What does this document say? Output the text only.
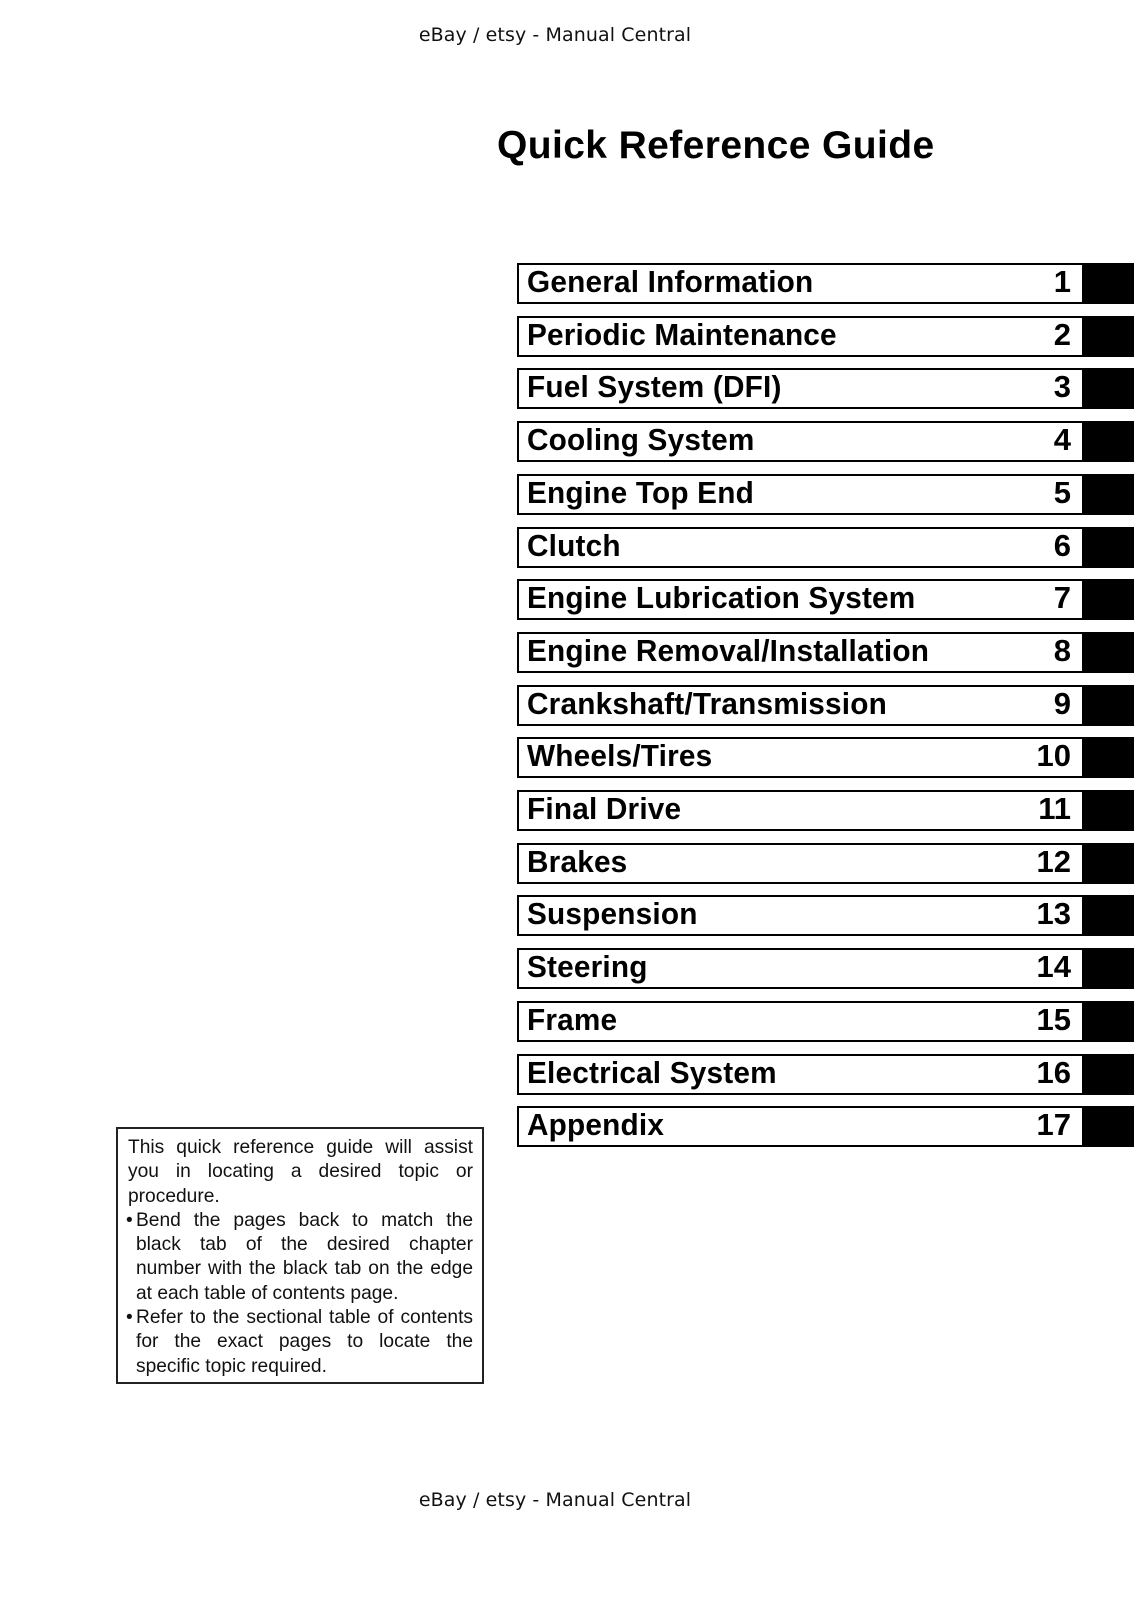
eBay / etsy - Manual Central
Quick Reference Guide
General Information	1
Periodic Maintenance	2
Fuel System (DFI)	3
Cooling System	4
Engine Top End	5
Clutch	6
Engine Lubrication System	7
Engine Removal/Installation	8
Crankshaft/Transmission	9
Wheels/Tires	10
Final Drive	11
Brakes	12
Suspension	13
Steering	14
Frame	15
Electrical System	16
Appendix	17

This quick reference guide will assist you in locating a desired topic or procedure.

• Bend the pages back to match the black tab of the desired chapter number with the black tab on the edge at each table of contents page.

• Refer to the sectional table of contents for the exact pages to locate the specific topic required.

eBay / etsy - Manual Central
